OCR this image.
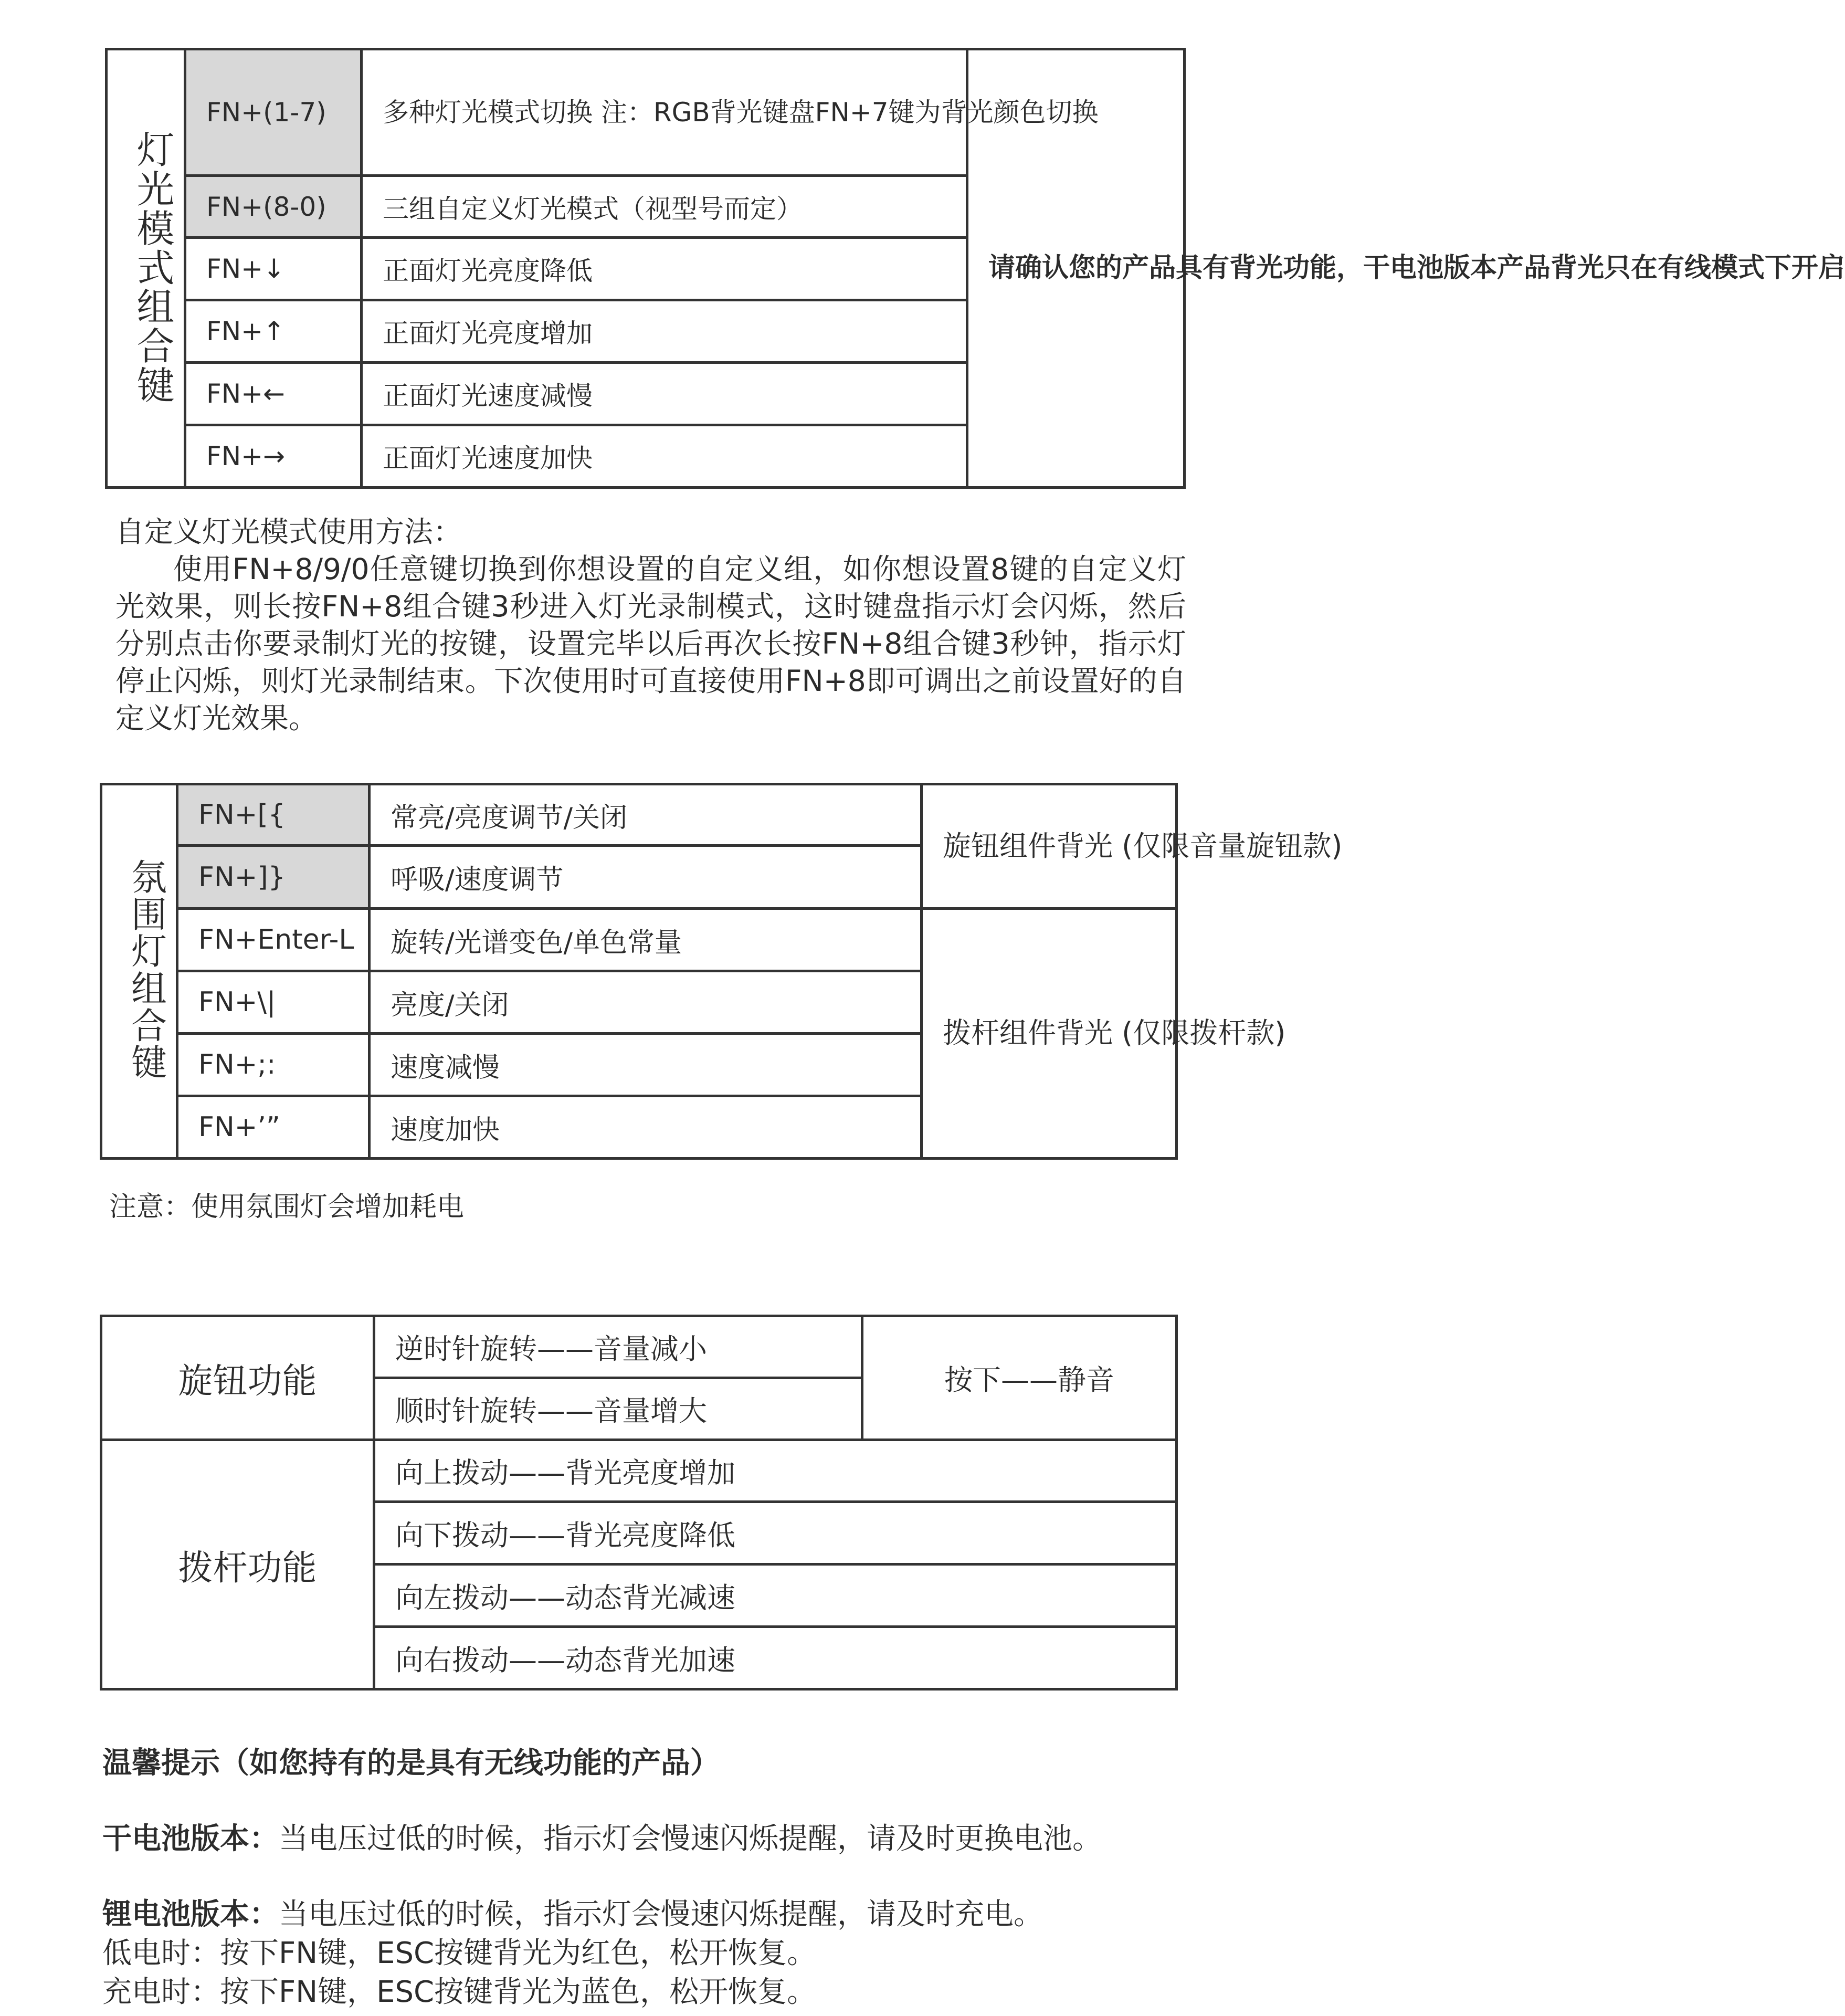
灯光模式组合键	FN+(1-7)	多种灯光模式切换 注：RGB背光键盘FN+7键为背光颜色切换	请确认您的产品具有背光功能，干电池版本产品背光只在有线模式下开启
	FN+(8-0)	三组自定义灯光模式（视型号而定）	
	FN+↓	正面灯光亮度降低	
	FN+↑	正面灯光亮度增加	
	FN+←	正面灯光速度减慢	
	FN+→	正面灯光速度加快	
自定义灯光模式使用方法：
使用FN+8/9/0任意键切换到你想设置的自定义组，如你想设置8键的自定义灯光效果，则长按FN+8组合键3秒进入灯光录制模式，这时键盘指示灯会闪烁，然后分别点击你要录制灯光的按键，设置完毕以后再次长按FN+8组合键3秒钟，指示灯停止闪烁，则灯光录制结束。下次使用时可直接使用FN+8即可调出之前设置好的自定义灯光效果。
氛围灯组合键	FN+[{	常亮/亮度调节/关闭	旋钮组件背光 (仅限音量旋钮款)
	FN+]}	呼吸/速度调节	
	FN+Enter-L	旋转/光谱变色/单色常量	拨杆组件背光 (仅限拨杆款)
	FN+\|	亮度/关闭	
	FN+;:	速度减慢	
	FN+’”	速度加快	
注意：使用氛围灯会增加耗电
旋钮功能	逆时针旋转——音量减小	按下——静音
	顺时针旋转——音量增大	
拨杆功能	向上拨动——背光亮度增加	
	向下拨动——背光亮度降低	
	向左拨动——动态背光减速	
	向右拨动——动态背光加速	
温馨提示（如您持有的是具有无线功能的产品）
干电池版本：当电压过低的时候，指示灯会慢速闪烁提醒，请及时更换电池。
锂电池版本：当电压过低的时候，指示灯会慢速闪烁提醒，请及时充电。
低电时：按下FN键，ESC按键背光为红色，松开恢复。
充电时：按下FN键，ESC按键背光为蓝色，松开恢复。
